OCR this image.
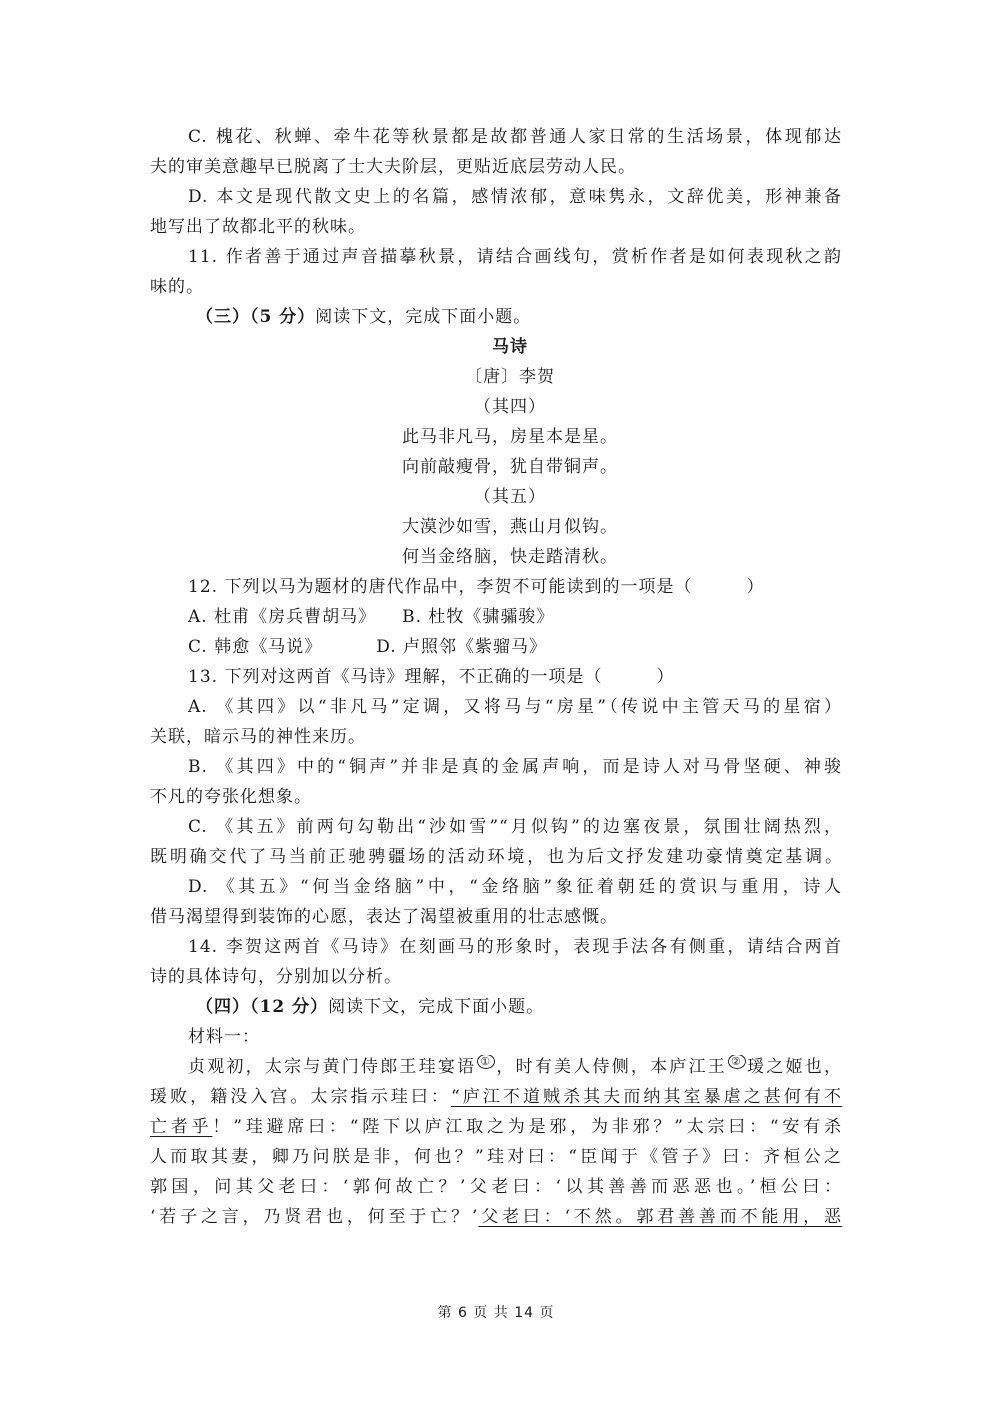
C. 槐花、秋蝉、牵牛花等秋景都是故都普通人家日常的生活场景，体现郁达
夫的审美意趣早已脱离了士大夫阶层，更贴近底层劳动人民。
D. 本文是现代散文史上的名篇，感情浓郁，意味隽永，文辞优美，形神兼备
地写出了故都北平的秋味。
11. 作者善于通过声音描摹秋景，请结合画线句，赏析作者是如何表现秋之韵
味的。
（三）（5 分）阅读下文，完成下面小题。
马诗
〔唐〕李贺
（其四）
此马非凡马，房星本是星。
向前敲瘦骨，犹自带铜声。
（其五）
大漠沙如雪，燕山月似钩。
何当金络脑，快走踏清秋。
12. 下列以马为题材的唐代作品中，李贺不可能读到的一项是（　　　）
A. 杜甫《房兵曹胡马》 B. 杜牧《骕骦骏》
C. 韩愈《马说》	D. 卢照邻《紫骝马》
13. 下列对这两首《马诗》理解，不正确的一项是（　　　）
A. 《其四》以“非凡马”定调，又将马与“房星”（传说中主管天马的星宿）
关联，暗示马的神性来历。
B. 《其四》中的“铜声”并非是真的金属声响，而是诗人对马骨坚硬、神骏
不凡的夸张化想象。
C. 《其五》前两句勾勒出“沙如雪”“月似钩”的边塞夜景，氛围壮阔热烈，
既明确交代了马当前正驰骋疆场的活动环境，也为后文抒发建功豪情奠定基调。
D. 《其五》“何当金络脑”中，“金络脑”象征着朝廷的赏识与重用，诗人
借马渴望得到装饰的心愿，表达了渴望被重用的壮志感慨。
14. 李贺这两首《马诗》在刻画马的形象时，表现手法各有侧重，请结合两首
诗的具体诗句，分别加以分析。
（四）（12 分）阅读下文，完成下面小题。
材料一：
贞观初，太宗与黄门侍郎王珪宴语 ① ，时有美人侍侧，本庐江王 ② 瑗之姬也，
瑗败，籍没入宫。太宗指示珪曰：“庐江不道贼杀其夫而纳其室暴虐之甚何有不
亡者乎！”珪避席曰：“陛下以庐江取之为是邪，为非邪？”太宗曰：“安有杀
人而取其妻，卿乃问朕是非，何也？”珪对曰：“臣闻于《管子》曰：齐桓公之
郭国，问其父老曰：‘郭何故亡？’父老曰：‘以其善善而恶恶也。’桓公曰：
‘若子之言，乃贤君也，何至于亡？’父老曰：‘不然。郭君善善而不能用，恶
第 6 页 共 14 页
